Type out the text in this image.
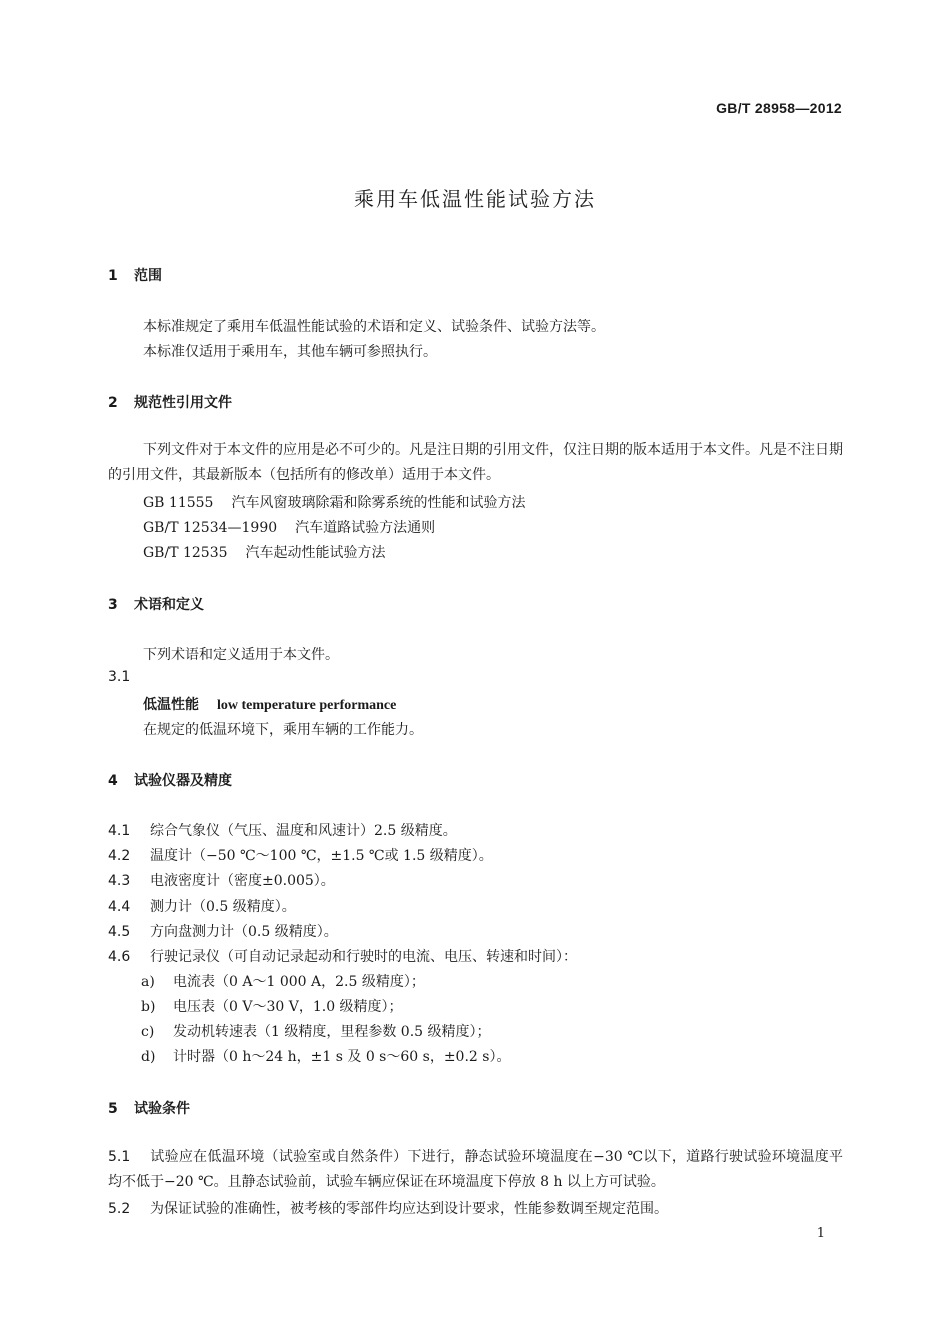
GB/T 28958—2012
乘用车低温性能试验方法
1 范围
本标准规定了乘用车低温性能试验的术语和定义、试验条件、试验方法等。
本标准仅适用于乘用车，其他车辆可参照执行。
2 规范性引用文件
下列文件对于本文件的应用是必不可少的。凡是注日期的引用文件，仅注日期的版本适用于本文件。凡是不注日期的引用文件，其最新版本（包括所有的修改单）适用于本文件。
GB 11555 汽车风窗玻璃除霜和除雾系统的性能和试验方法
GB/T 12534—1990 汽车道路试验方法通则
GB/T 12535 汽车起动性能试验方法
3 术语和定义
下列术语和定义适用于本文件。
3.1
低温性能 low temperature performance
在规定的低温环境下，乘用车辆的工作能力。
4 试验仪器及精度
4.1 综合气象仪（气压、温度和风速计）2.5 级精度。
4.2 温度计（−50 ℃～100 ℃，±1.5 ℃或 1.5 级精度）。
4.3 电液密度计（密度±0.005）。
4.4 测力计（0.5 级精度）。
4.5 方向盘测力计（0.5 级精度）。
4.6 行驶记录仪（可自动记录起动和行驶时的电流、电压、转速和时间）：
a) 电流表（0 A～1 000 A，2.5 级精度）；
b) 电压表（0 V～30 V，1.0 级精度）；
c) 发动机转速表（1 级精度，里程参数 0.5 级精度）；
d) 计时器（0 h～24 h，±1 s 及 0 s～60 s，±0.2 s）。
5 试验条件
5.1 试验应在低温环境（试验室或自然条件）下进行，静态试验环境温度在−30 ℃以下，道路行驶试验环境温度平均不低于−20 ℃。且静态试验前，试验车辆应保证在环境温度下停放 8 h 以上方可试验。
5.2 为保证试验的准确性，被考核的零部件均应达到设计要求，性能参数调至规定范围。
1
